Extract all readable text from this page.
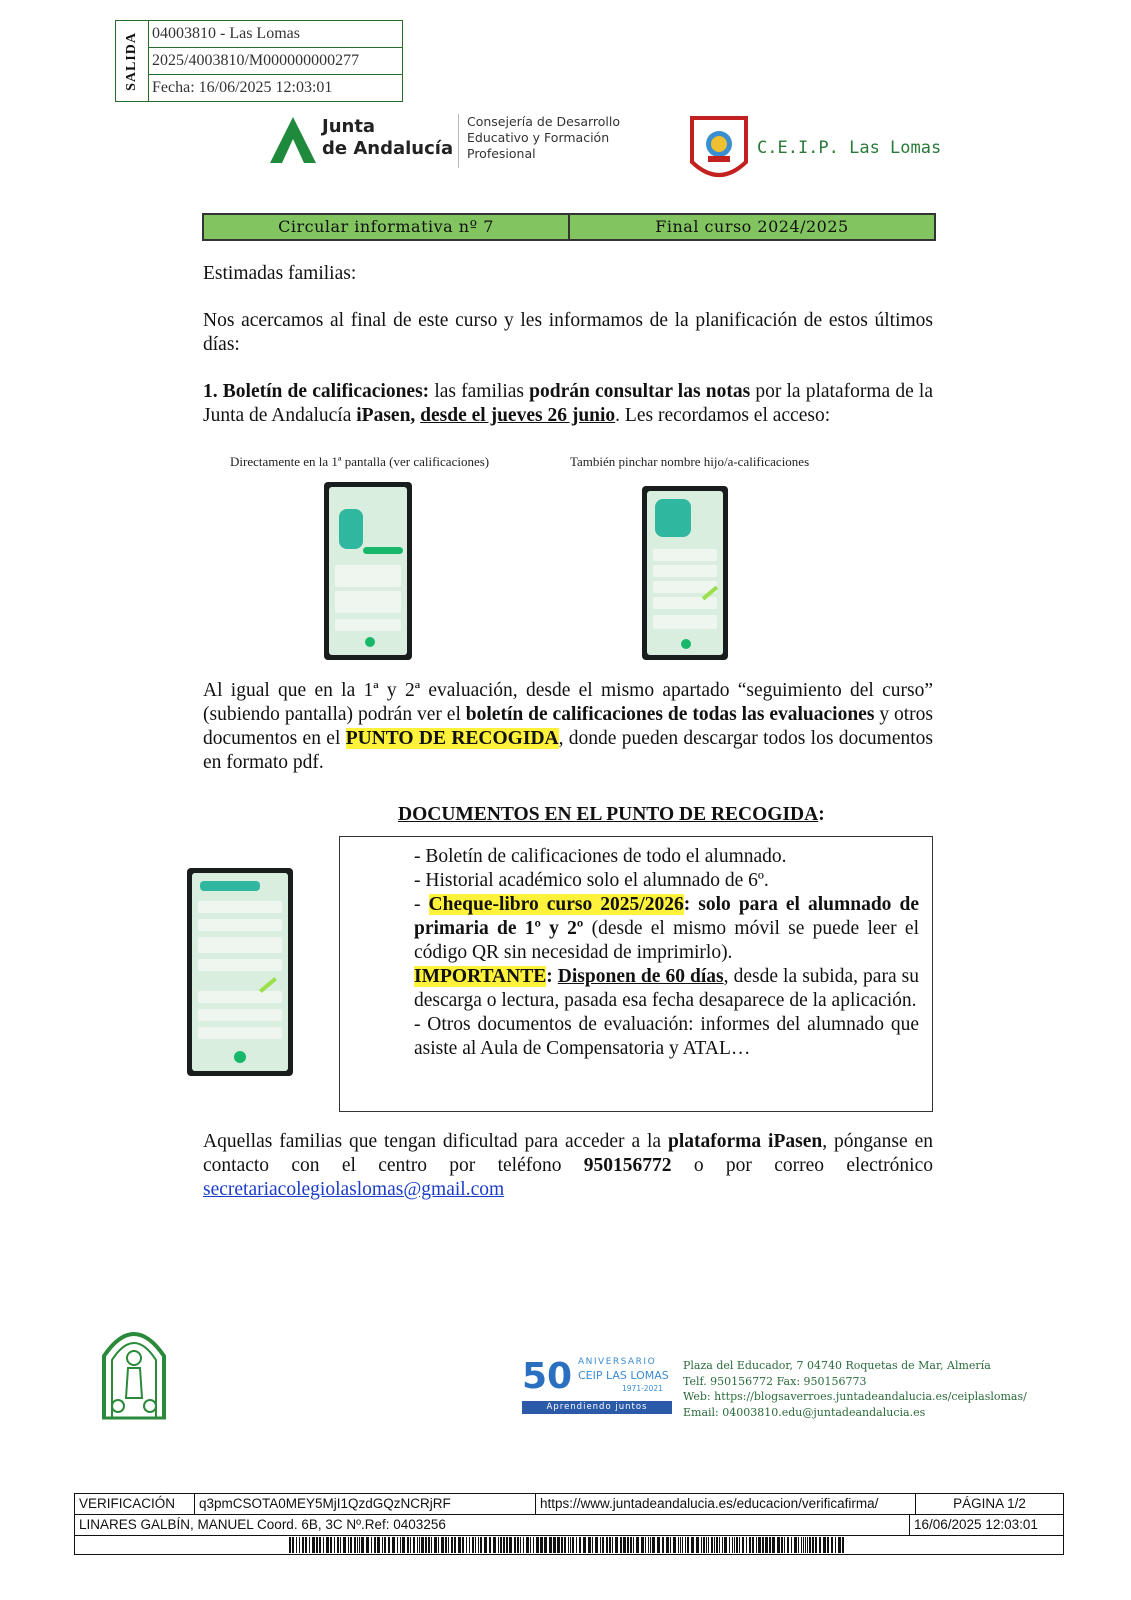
SALIDA 04003810 - Las Lomas
2025/4003810/M000000000277
Fecha: 16/06/2025 12:03:01
Junta
de Andalucía
Consejería de Desarrollo
Educativo y Formación
Profesional	C.E.I.P. Las Lomas
Circular informativa nº 7	Final curso 2024/2025
Estimadas familias:
Nos acercamos al final de este curso y les informamos de la planificación de estos últimos días:
1. Boletín de calificaciones: las familias podrán consultar las notas por la plataforma de la Junta de Andalucía iPasen, desde el jueves 26 junio. Les recordamos el acceso:
Directamente en la 1ª pantalla (ver calificaciones)	También pinchar nombre hijo/a-calificaciones
Al igual que en la 1ª y 2ª evaluación, desde el mismo apartado “seguimiento del curso” (subiendo pantalla) podrán ver el boletín de calificaciones de todas las evaluaciones y otros documentos en el PUNTO DE RECOGIDA, donde pueden descargar todos los documentos en formato pdf.
DOCUMENTOS EN EL PUNTO DE RECOGIDA:
- Boletín de calificaciones de todo el alumnado.
- Historial académico solo el alumnado de 6º.
- Cheque-libro curso 2025/2026: solo para el alumnado de primaria de 1º y 2º (desde el mismo móvil se puede leer el código QR sin necesidad de imprimirlo).
IMPORTANTE: Disponen de 60 días, desde la subida, para su descarga o lectura, pasada esa fecha desaparece de la aplicación.
- Otros documentos de evaluación: informes del alumnado que asiste al Aula de Compensatoria y ATAL…
Aquellas familias que tengan dificultad para acceder a la plataforma iPasen, pónganse en contacto con el centro por teléfono 950156772 o por correo electrónico secretariacolegiolaslomas@gmail.com
50 ANIVERSARIO
CEIP LAS LOMAS
1971-2021
Aprendiendo juntos
Plaza del Educador, 7 04740 Roquetas de Mar, Almería
Telf. 950156772 Fax: 950156773
Web: https://blogsaverroes.juntadeandalucia.es/ceiplaslomas/
Email: 04003810.edu@juntadeandalucia.es
VERIFICACIÓN	q3pmCSOTA0MEY5MjI1QzdGQzNCRjRF	https://www.juntadeandalucia.es/educacion/verificafirma/	PÁGINA 1/2
LINARES GALBÍN, MANUEL Coord. 6B, 3C Nº.Ref: 0403256	16/06/2025 12:03:01
